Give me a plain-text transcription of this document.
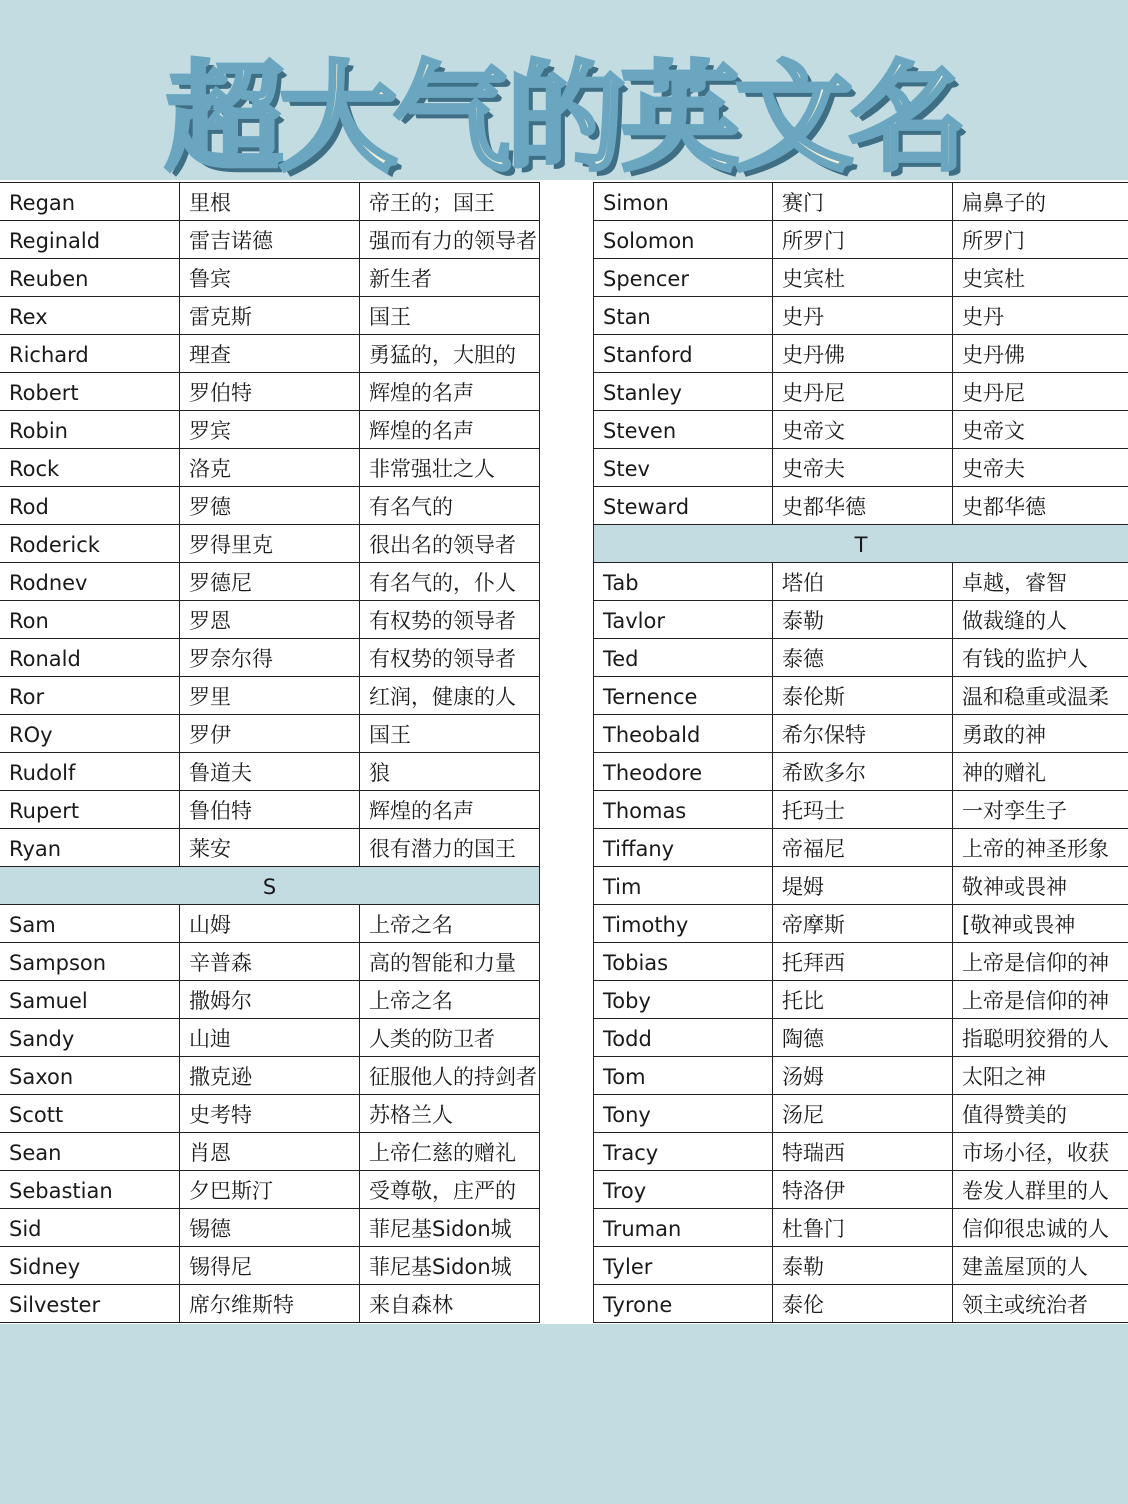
超大气的英文名
Regan	里根	帝王的；国王
Reginald	雷吉诺德	强而有力的领导者
Reuben	鲁宾	新生者
Rex	雷克斯	国王
Richard	理查	勇猛的，大胆的
Robert	罗伯特	辉煌的名声
Robin	罗宾	辉煌的名声
Rock	洛克	非常强壮之人
Rod	罗德	有名气的
Roderick	罗得里克	很出名的领导者
Rodnev	罗德尼	有名气的，仆人
Ron	罗恩	有权势的领导者
Ronald	罗奈尔得	有权势的领导者
Ror	罗里	红润，健康的人
ROy	罗伊	国王
Rudolf	鲁道夫	狼
Rupert	鲁伯特	辉煌的名声
Ryan	莱安	很有潜力的国王
S
Sam	山姆	上帝之名
Sampson	辛普森	高的智能和力量
Samuel	撒姆尔	上帝之名
Sandy	山迪	人类的防卫者
Saxon	撒克逊	征服他人的持剑者
Scott	史考特	苏格兰人
Sean	肖恩	上帝仁慈的赠礼
Sebastian	夕巴斯汀	受尊敬，庄严的
Sid	锡德	菲尼基Sidon城
Sidney	锡得尼	菲尼基Sidon城
Silvester	席尔维斯特	来自森林
Simon	赛门	扁鼻子的
Solomon	所罗门	所罗门
Spencer	史宾杜	史宾杜
Stan	史丹	史丹
Stanford	史丹佛	史丹佛
Stanley	史丹尼	史丹尼
Steven	史帝文	史帝文
Stev	史帝夫	史帝夫
Steward	史都华德	史都华德
T
Tab	塔伯	卓越，睿智
Tavlor	泰勒	做裁缝的人
Ted	泰德	有钱的监护人
Ternence	泰伦斯	温和稳重或温柔
Theobald	希尔保特	勇敢的神
Theodore	希欧多尔	神的赠礼
Thomas	托玛士	一对孪生子
Tiffany	帝福尼	上帝的神圣形象
Tim	堤姆	敬神或畏神
Timothy	帝摩斯	[敬神或畏神
Tobias	托拜西	上帝是信仰的神
Toby	托比	上帝是信仰的神
Todd	陶德	指聪明狡猾的人
Tom	汤姆	太阳之神
Tony	汤尼	值得赞美的
Tracy	特瑞西	市场小径，收获
Troy	特洛伊	卷发人群里的人
Truman	杜鲁门	信仰很忠诚的人
Tyler	泰勒	建盖屋顶的人
Tyrone	泰伦	领主或统治者
